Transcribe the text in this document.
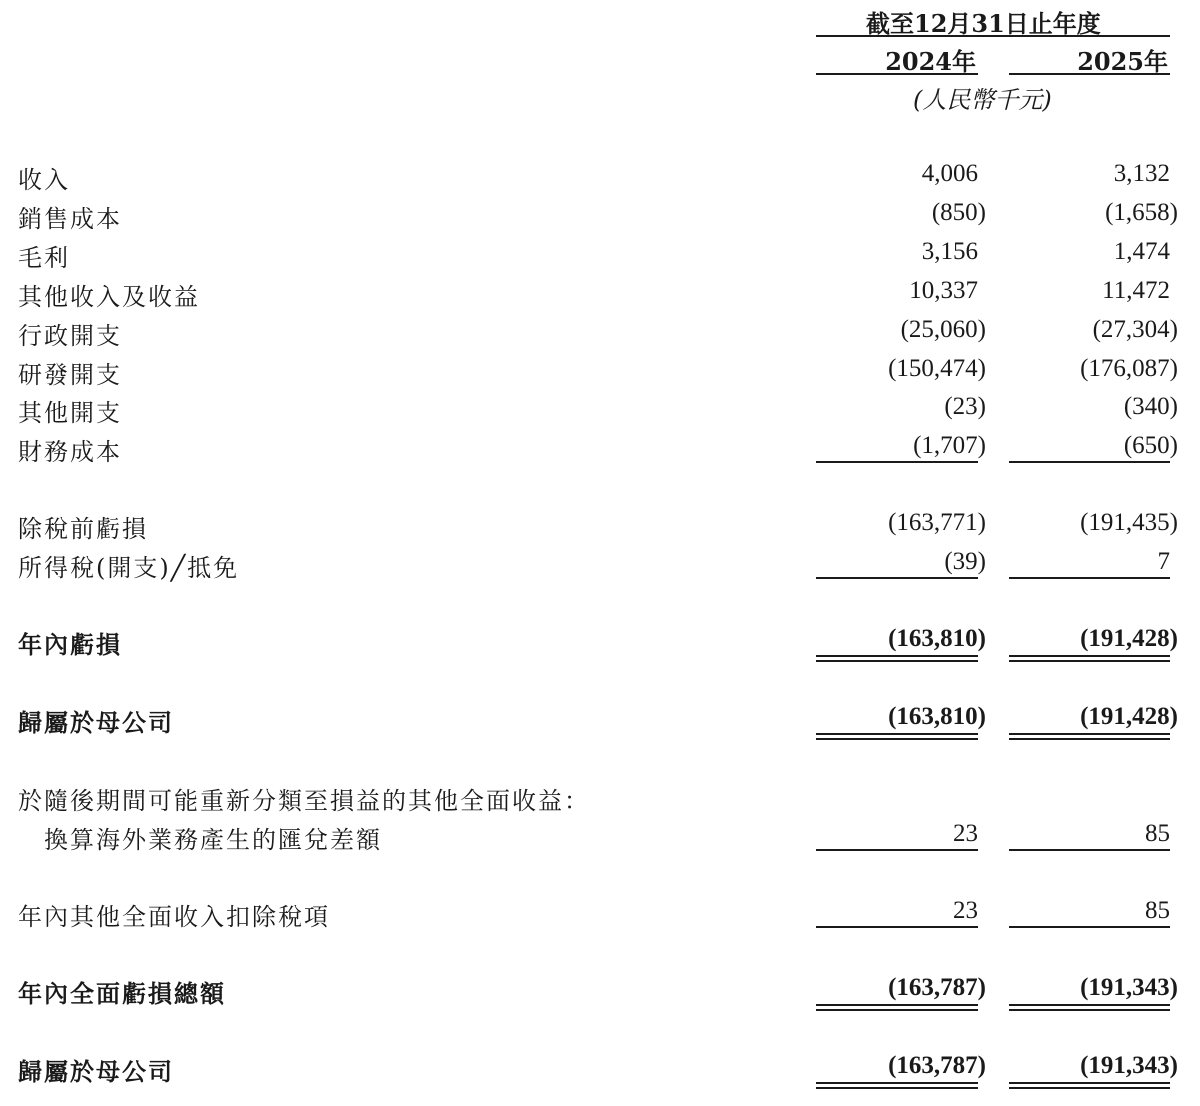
截至12月31日止年度
2024年	2025年
(人民幣千元)
收入	4,006	3,132
銷售成本	(850)	(1,658)
毛利	3,156	1,474
其他收入及收益	10,337	11,472
行政開支	(25,060)	(27,304)
研發開支	(150,474)	(176,087)
其他開支	(23)	(340)
財務成本	(1,707)	(650)
除稅前虧損	(163,771)	(191,435)
所得稅(開支)╱抵免	(39)	7
年內虧損	(163,810)	(191,428)
歸屬於母公司	(163,810)	(191,428)
於隨後期間可能重新分類至損益的其他全面收益：
換算海外業務產生的匯兌差額	23	85
年內其他全面收入扣除稅項	23	85
年內全面虧損總額	(163,787)	(191,343)
歸屬於母公司	(163,787)	(191,343)
